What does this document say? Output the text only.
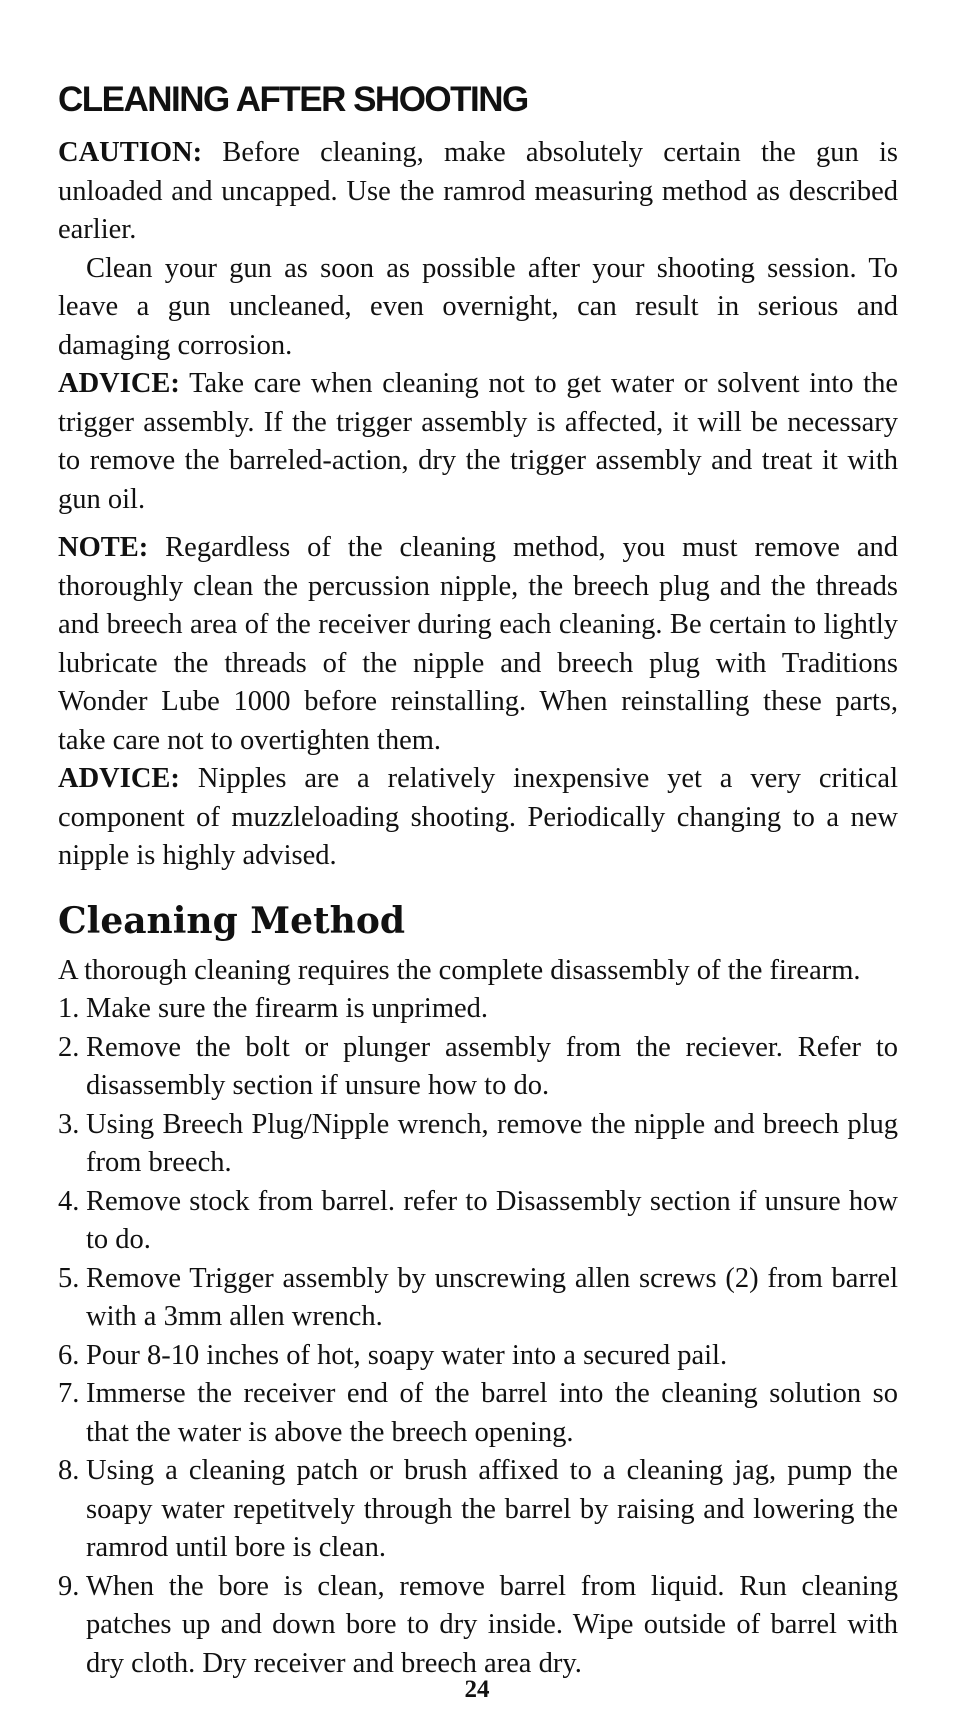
CLEANING AFTER SHOOTING

CAUTION: Before cleaning, make absolutely certain the gun is unloaded and uncapped. Use the ramrod measuring method as described earlier.

Clean your gun as soon as possible after your shooting session. To leave a gun uncleaned, even overnight, can result in serious and damaging corrosion.

ADVICE: Take care when cleaning not to get water or solvent into the trigger assembly. If the trigger assembly is affected, it will be necessary to remove the barreled-action, dry the trigger assembly and treat it with gun oil.

NOTE: Regardless of the cleaning method, you must remove and thoroughly clean the percussion nipple, the breech plug and the threads and breech area of the receiver during each cleaning. Be certain to lightly lubricate the threads of the nipple and breech plug with Traditions Wonder Lube 1000 before reinstalling. When reinstalling these parts, take care not to overtighten them.

ADVICE: Nipples are a relatively inexpensive yet a very critical component of muzzleloading shooting. Periodically changing to a new nipple is highly advised.

Cleaning Method

A thorough cleaning requires the complete disassembly of the firearm.

1. Make sure the firearm is unprimed.
2. Remove the bolt or plunger assembly from the reciever. Refer to disassembly section if unsure how to do.
3. Using Breech Plug/Nipple wrench, remove the nipple and breech plug from breech.
4. Remove stock from barrel. refer to Disassembly section if unsure how to do.
5. Remove Trigger assembly by unscrewing allen screws (2) from barrel with a 3mm allen wrench.
6. Pour 8-10 inches of hot, soapy water into a secured pail.
7. Immerse the receiver end of the barrel into the cleaning solution so that the water is above the breech opening.
8. Using a cleaning patch or brush affixed to a cleaning jag, pump the soapy water repetitvely through the barrel by raising and lowering the ramrod until bore is clean.
9. When the bore is clean, remove barrel from liquid. Run cleaning patches up and down bore to dry inside. Wipe outside of barrel with dry cloth. Dry receiver and breech area dry.
24
